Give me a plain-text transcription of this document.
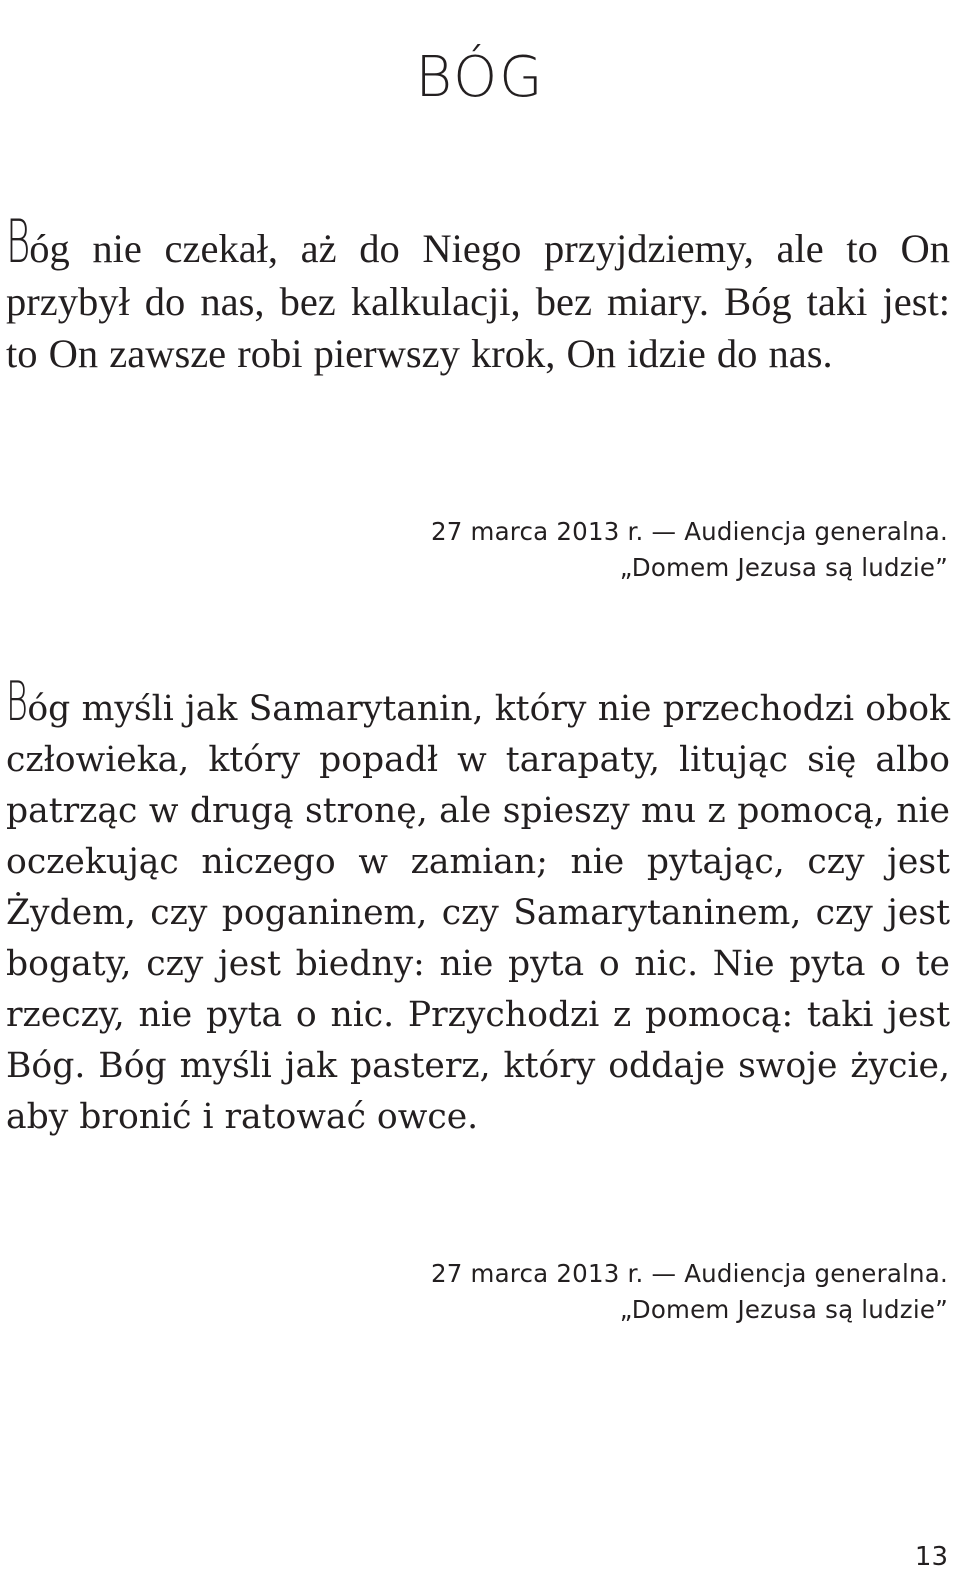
BÓG

Bóg nie czekał, aż do Niego przyjdziemy, ale to On przybył do nas, bez kalkulacji, bez miary. Bóg taki jest: to On zawsze robi pierwszy krok, On idzie do nas.

27 marca 2013 r. — Audiencja generalna.
„Domem Jezusa są ludzie”

Bóg myśli jak Samarytanin, który nie przechodzi obok człowieka, który popadł w tarapaty, litując się albo patrząc w drugą stronę, ale spieszy mu z pomocą, nie oczekując niczego w zamian; nie pytając, czy jest Żydem, czy poganinem, czy Samarytaninem, czy jest bogaty, czy jest biedny: nie pyta o nic. Nie pyta o te rzeczy, nie pyta o nic. Przychodzi z pomocą: taki jest Bóg. Bóg myśli jak pasterz, który oddaje swoje życie, aby bronić i ratować owce.

27 marca 2013 r. — Audiencja generalna.
„Domem Jezusa są ludzie”
13
